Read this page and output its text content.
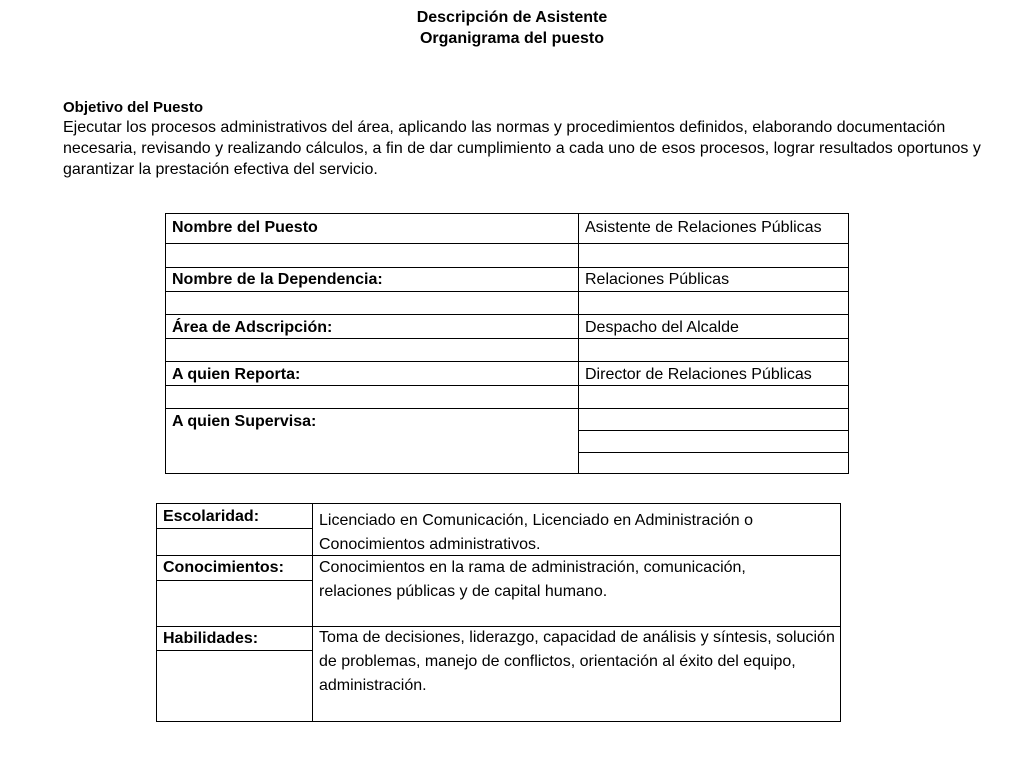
Descripción de Asistente
Organigrama del puesto
Objetivo del Puesto
Ejecutar los procesos administrativos del área, aplicando las normas y procedimientos definidos, elaborando documentación necesaria, revisando y realizando cálculos, a fin de dar cumplimiento a cada uno de esos procesos, lograr resultados oportunos y garantizar la prestación efectiva del servicio.
Nombre del Puesto	Asistente de Relaciones Públicas
Nombre de la Dependencia:	Relaciones Públicas
Área de Adscripción:	Despacho del Alcalde
A quien Reporta:	Director de Relaciones Públicas
A quien Supervisa:
Escolaridad:	Licenciado en Comunicación, Licenciado en Administración o Conocimientos administrativos.
Conocimientos: Conocimientos en la rama de administración, comunicación, relaciones públicas y de capital humano.
Habilidades:	Toma de decisiones, liderazgo, capacidad de análisis y síntesis, solución de problemas, manejo de conflictos, orientación al éxito del equipo, administración.
